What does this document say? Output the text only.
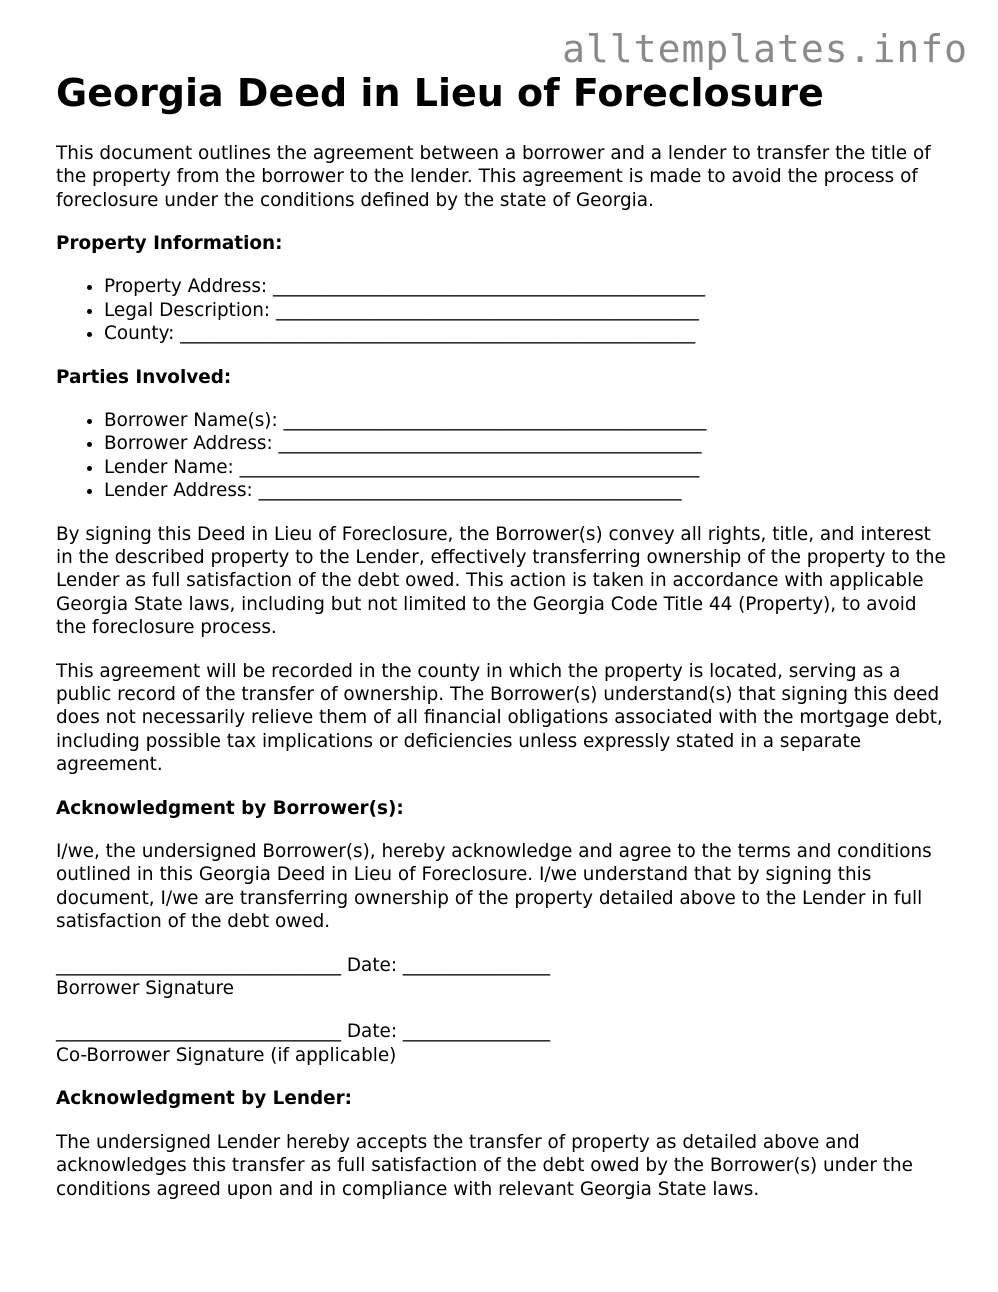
alltemplates.info
Georgia Deed in Lieu of Foreclosure

This document outlines the agreement between a borrower and a lender to transfer the title of the property from the borrower to the lender. This agreement is made to avoid the process of foreclosure under the conditions defined by the state of Georgia.

Property Information:

• Property Address: _______________________________________________
• Legal Description: ______________________________________________
• County: ________________________________________________________

Parties Involved:

• Borrower Name(s): ______________________________________________
• Borrower Address: ______________________________________________
• Lender Name: __________________________________________________
• Lender Address: ______________________________________________

By signing this Deed in Lieu of Foreclosure, the Borrower(s) convey all rights, title, and interest in the described property to the Lender, effectively transferring ownership of the property to the Lender as full satisfaction of the debt owed. This action is taken in accordance with applicable Georgia State laws, including but not limited to the Georgia Code Title 44 (Property), to avoid the foreclosure process.

This agreement will be recorded in the county in which the property is located, serving as a public record of the transfer of ownership. The Borrower(s) understand(s) that signing this deed does not necessarily relieve them of all financial obligations associated with the mortgage debt, including possible tax implications or deficiencies unless expressly stated in a separate agreement.

Acknowledgment by Borrower(s):

I/we, the undersigned Borrower(s), hereby acknowledge and agree to the terms and conditions outlined in this Georgia Deed in Lieu of Foreclosure. I/we understand that by signing this document, I/we are transferring ownership of the property detailed above to the Lender in full satisfaction of the debt owed.

_______________________________ Date: ________________
Borrower Signature
_______________________________ Date: ________________
Co-Borrower Signature (if applicable)

Acknowledgment by Lender:

The undersigned Lender hereby accepts the transfer of property as detailed above and acknowledges this transfer as full satisfaction of the debt owed by the Borrower(s) under the conditions agreed upon and in compliance with relevant Georgia State laws.
